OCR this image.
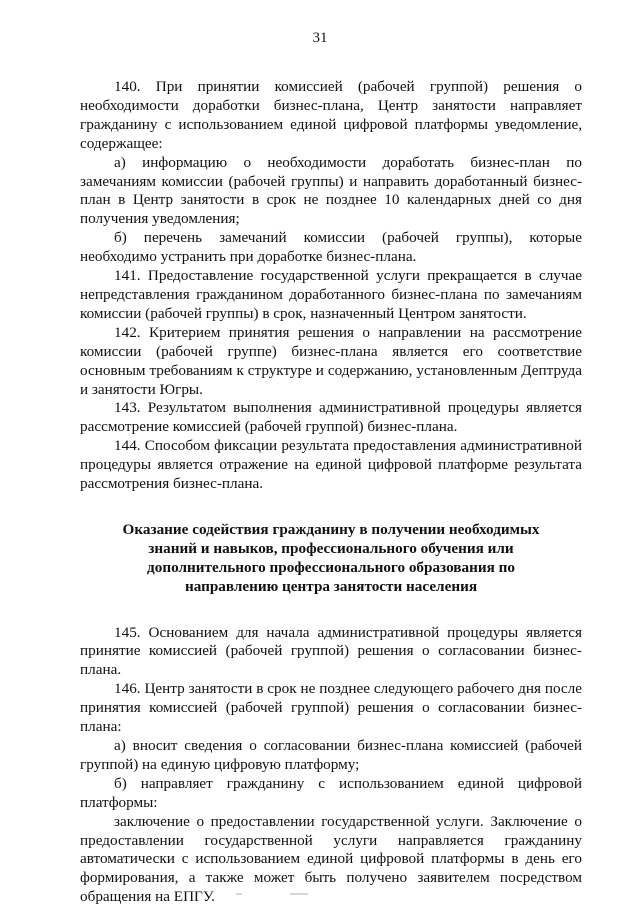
31

140. При принятии комиссией (рабочей группой) решения о необходимости доработки бизнес-плана, Центр занятости направляет гражданину с использованием единой цифровой платформы уведомление, содержащее:

а) информацию о необходимости доработать бизнес-план по замечаниям комиссии (рабочей группы) и направить доработанный бизнес-план в Центр занятости в срок не позднее 10 календарных дней со дня получения уведомления;

б) перечень замечаний комиссии (рабочей группы), которые необходимо устранить при доработке бизнес-плана.

141. Предоставление государственной услуги прекращается в случае непредставления гражданином доработанного бизнес-плана по замечаниям комиссии (рабочей группы) в срок, назначенный Центром занятости.

142. Критерием принятия решения о направлении на рассмотрение комиссии (рабочей группе) бизнес-плана является его соответствие основным требованиям к структуре и содержанию, установленным Дептруда и занятости Югры.

143. Результатом выполнения административной процедуры является рассмотрение комиссией (рабочей группой) бизнес-плана.

144. Способом фиксации результата предоставления административной процедуры является отражение на единой цифровой платформе результата рассмотрения бизнес-плана.

Оказание содействия гражданину в получении необходимых знаний и навыков, профессионального обучения или дополнительного профессионального образования по направлению центра занятости населения

145. Основанием для начала административной процедуры является принятие комиссией (рабочей группой) решения о согласовании бизнес-плана.

146. Центр занятости в срок не позднее следующего рабочего дня после принятия комиссией (рабочей группой) решения о согласовании бизнес-плана:

а) вносит сведения о согласовании бизнес-плана комиссией (рабочей группой) на единую цифровую платформу;

б) направляет гражданину с использованием единой цифровой платформы:

заключение о предоставлении государственной услуги. Заключение о предоставлении государственной услуги направляется гражданину автоматически с использованием единой цифровой платформы в день его формирования, а также может быть получено заявителем посредством обращения на ЕПГУ.
